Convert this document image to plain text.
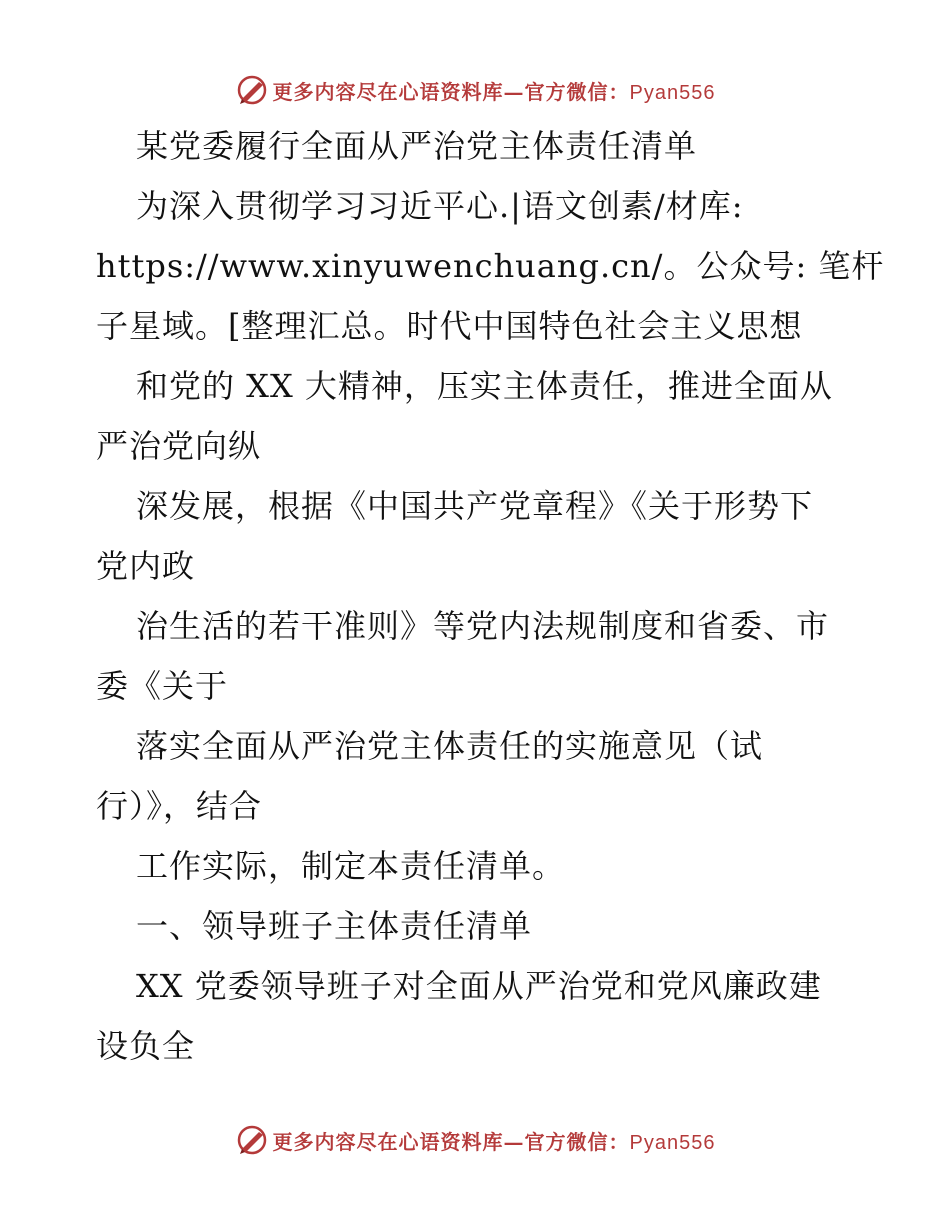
更多内容尽在心语资料库—官方微信：Pyan556
某党委履行全面从严治党主体责任清单
为深入贯彻学习习近平心.|语文创素/材库:
https://www.xinyuwenchuang.cn/。公众号: 笔杆
子星域。[整理汇总。时代中国特色社会主义思想
和党的 XX 大精神，压实主体责任，推进全面从
严治党向纵
深发展，根据《中国共产党章程》《关于形势下
党内政
治生活的若干准则》等党内法规制度和省委、市
委《关于
落实全面从严治党主体责任的实施意见（试
行）》，结合
工作实际，制定本责任清单。
一、领导班子主体责任清单
XX 党委领导班子对全面从严治党和党风廉政建
设负全
更多内容尽在心语资料库—官方微信：Pyan556
